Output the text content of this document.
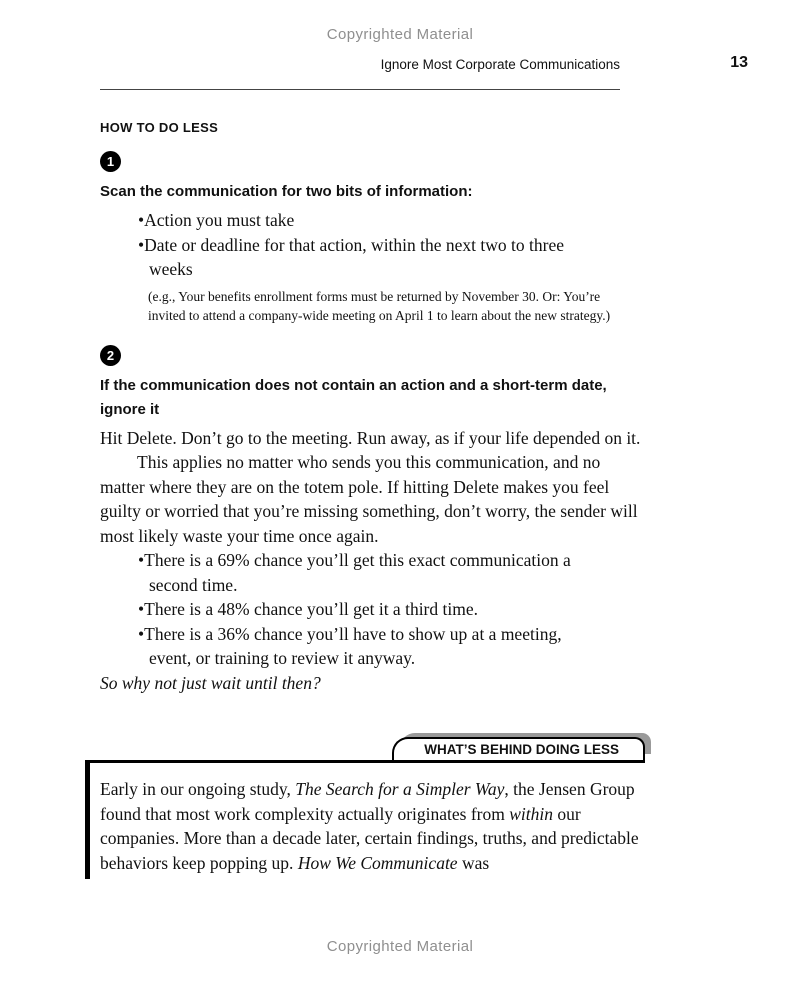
Copyrighted Material
Ignore Most Corporate Communications	13
HOW TO DO LESS
1
Scan the communication for two bits of information:
•Action you must take
•Date or deadline for that action, within the next two to three weeks
(e.g., Your benefits enrollment forms must be returned by November 30. Or: You’re invited to attend a company-wide meeting on April 1 to learn about the new strategy.)
2
If the communication does not contain an action and a short-term date, ignore it
Hit Delete. Don’t go to the meeting. Run away, as if your life depended on it.
This applies no matter who sends you this communication, and no matter where they are on the totem pole. If hitting Delete makes you feel guilty or worried that you’re missing something, don’t worry, the sender will most likely waste your time once again.
•There is a 69% chance you’ll get this exact communication a second time.
•There is a 48% chance you’ll get it a third time.
•There is a 36% chance you’ll have to show up at a meeting, event, or training to review it anyway.
So why not just wait until then?
WHAT’S BEHIND DOING LESS
Early in our ongoing study, The Search for a Simpler Way, the Jensen Group found that most work complexity actually originates from within our companies. More than a decade later, certain findings, truths, and predictable behaviors keep popping up. How We Communicate was
Copyrighted Material
